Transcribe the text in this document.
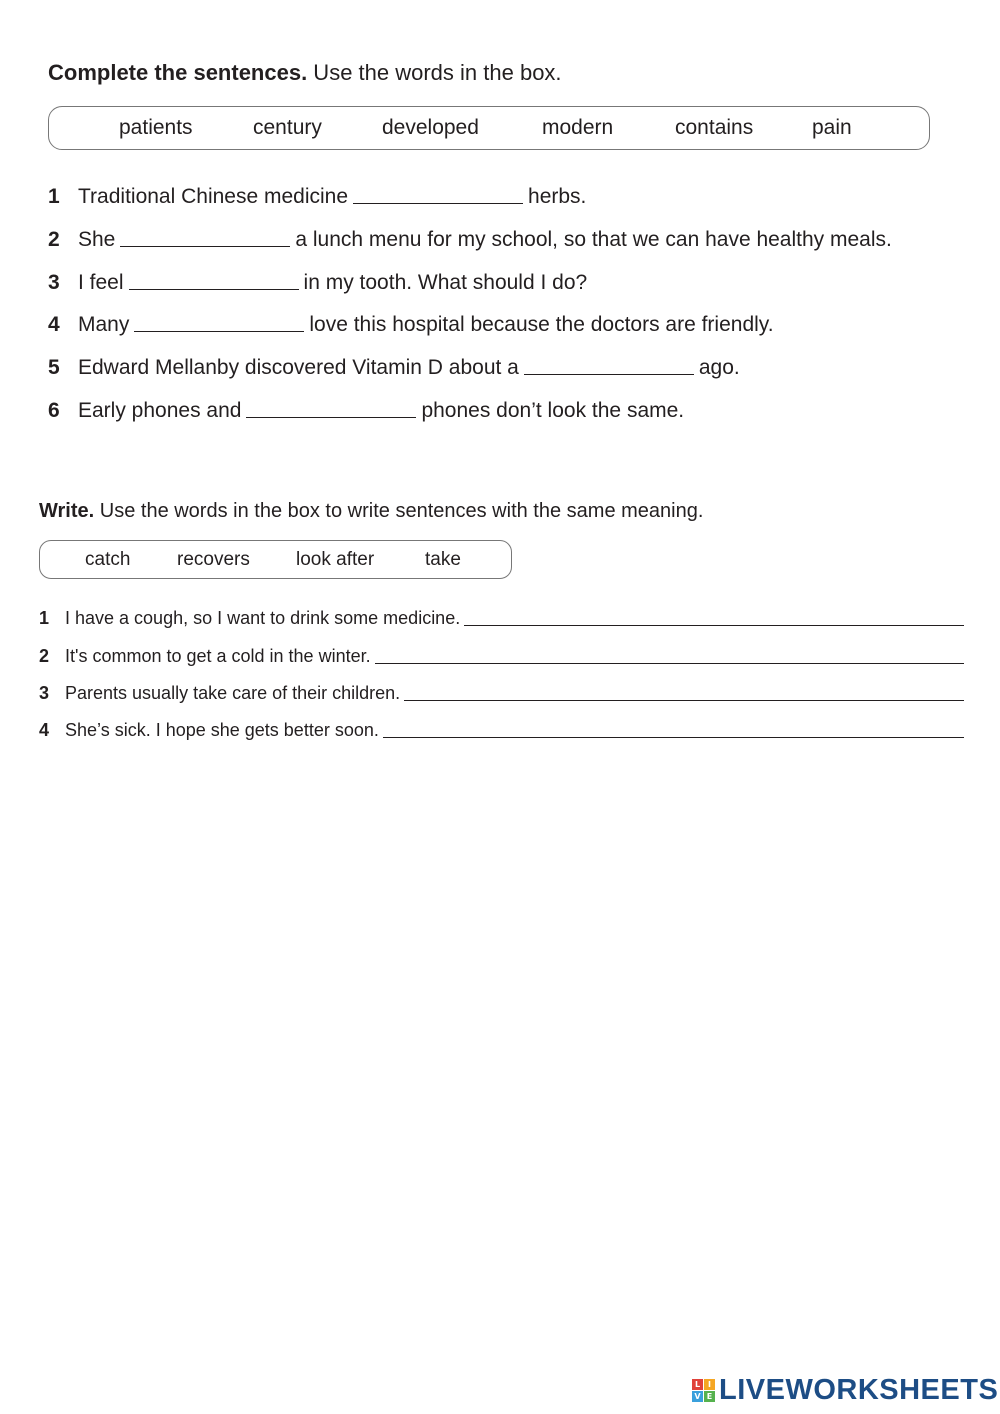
Complete the sentences. Use the words in the box.
patients	century	developed	modern	contains	pain
1 Traditional Chinese medicine	herbs.
2 She	a lunch menu for my school, so that we can have healthy meals.
3 I feel	in my tooth. What should I do?
4 Many	love this hospital because the doctors are friendly.
5 Edward Mellanby discovered Vitamin D about a	ago.
6 Early phones and	phones don’t look the same.
Write. Use the words in the box to write sentences with the same meaning.
catch recovers look after	take
1 I have a cough, so I want to drink some medicine.
2 It's common to get a cold in the winter.
3 Parents usually take care of their children.
4 She’s sick. I hope she gets better soon.
L I
V E LIVEWORKSHEETS
